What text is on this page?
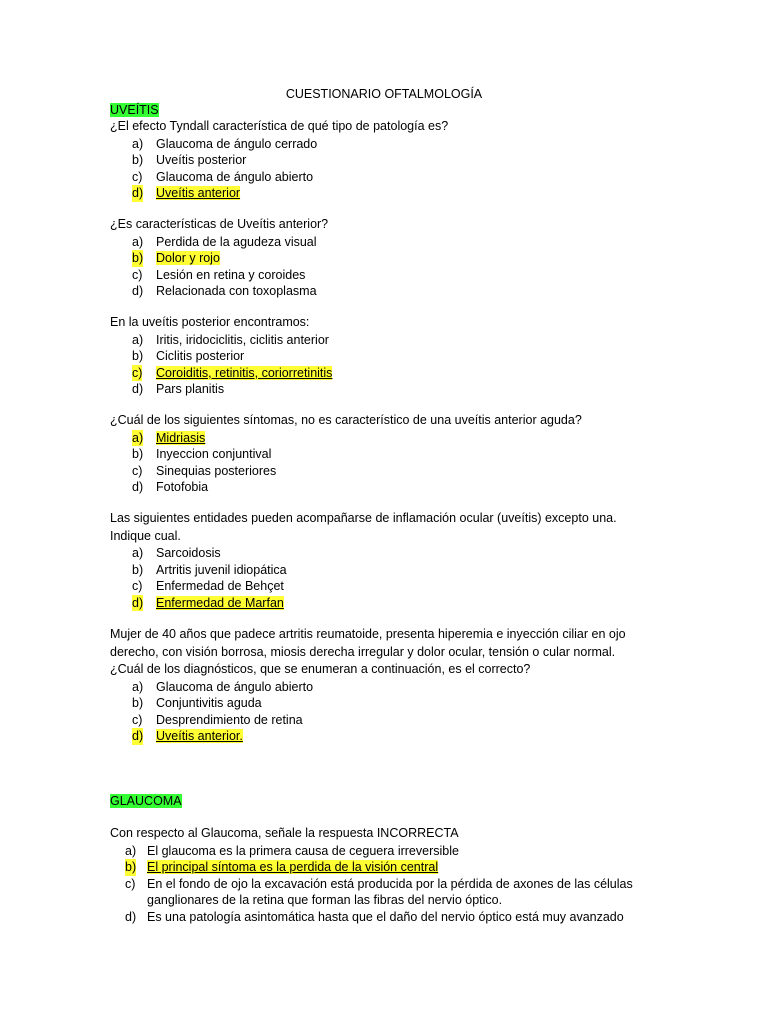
CUESTIONARIO OFTALMOLOGÍA
UVEÍTIS

¿El efecto Tyndall característica de qué tipo de patología es?

a) Glaucoma de ángulo cerrado
b) Uveítis posterior
c) Glaucoma de ángulo abierto
d) Uveítis anterior

¿Es características de Uveítis anterior?

a) Perdida de la agudeza visual
b) Dolor y rojo
c) Lesión en retina y coroides
d) Relacionada con toxoplasma

En la uveítis posterior encontramos:

a) Iritis, iridociclitis, ciclitis anterior
b) Ciclitis posterior
c) Coroiditis, retinitis, coriorretinitis
d) Pars planitis

¿Cuál de los siguientes síntomas, no es característico de una uveítis anterior aguda?

a) Midriasis
b) Inyeccion conjuntival
c) Sinequias posteriores
d) Fotofobia

Las siguientes entidades pueden acompañarse de inflamación ocular (uveítis) excepto una. Indique cual.

a) Sarcoidosis
b) Artritis juvenil idiopática
c) Enfermedad de Behçet
d) Enfermedad de Marfan

Mujer de 40 años que padece artritis reumatoide, presenta hiperemia e inyección ciliar en ojo derecho, con visión borrosa, miosis derecha irregular y dolor ocular, tensión o cular normal. ¿Cuál de los diagnósticos, que se enumeran a continuación, es el correcto?

a) Glaucoma de ángulo abierto
b) Conjuntivitis aguda
c) Desprendimiento de retina
d) Uveítis anterior.
GLAUCOMA

Con respecto al Glaucoma, señale la respuesta INCORRECTA

a) El glaucoma es la primera causa de ceguera irreversible
b) El principal síntoma es la perdida de la visión central
c) En el fondo de ojo la excavación está producida por la pérdida de axones de las células ganglionares de la retina que forman las fibras del nervio óptico.
d) Es una patología asintomática hasta que el daño del nervio óptico está muy avanzado
